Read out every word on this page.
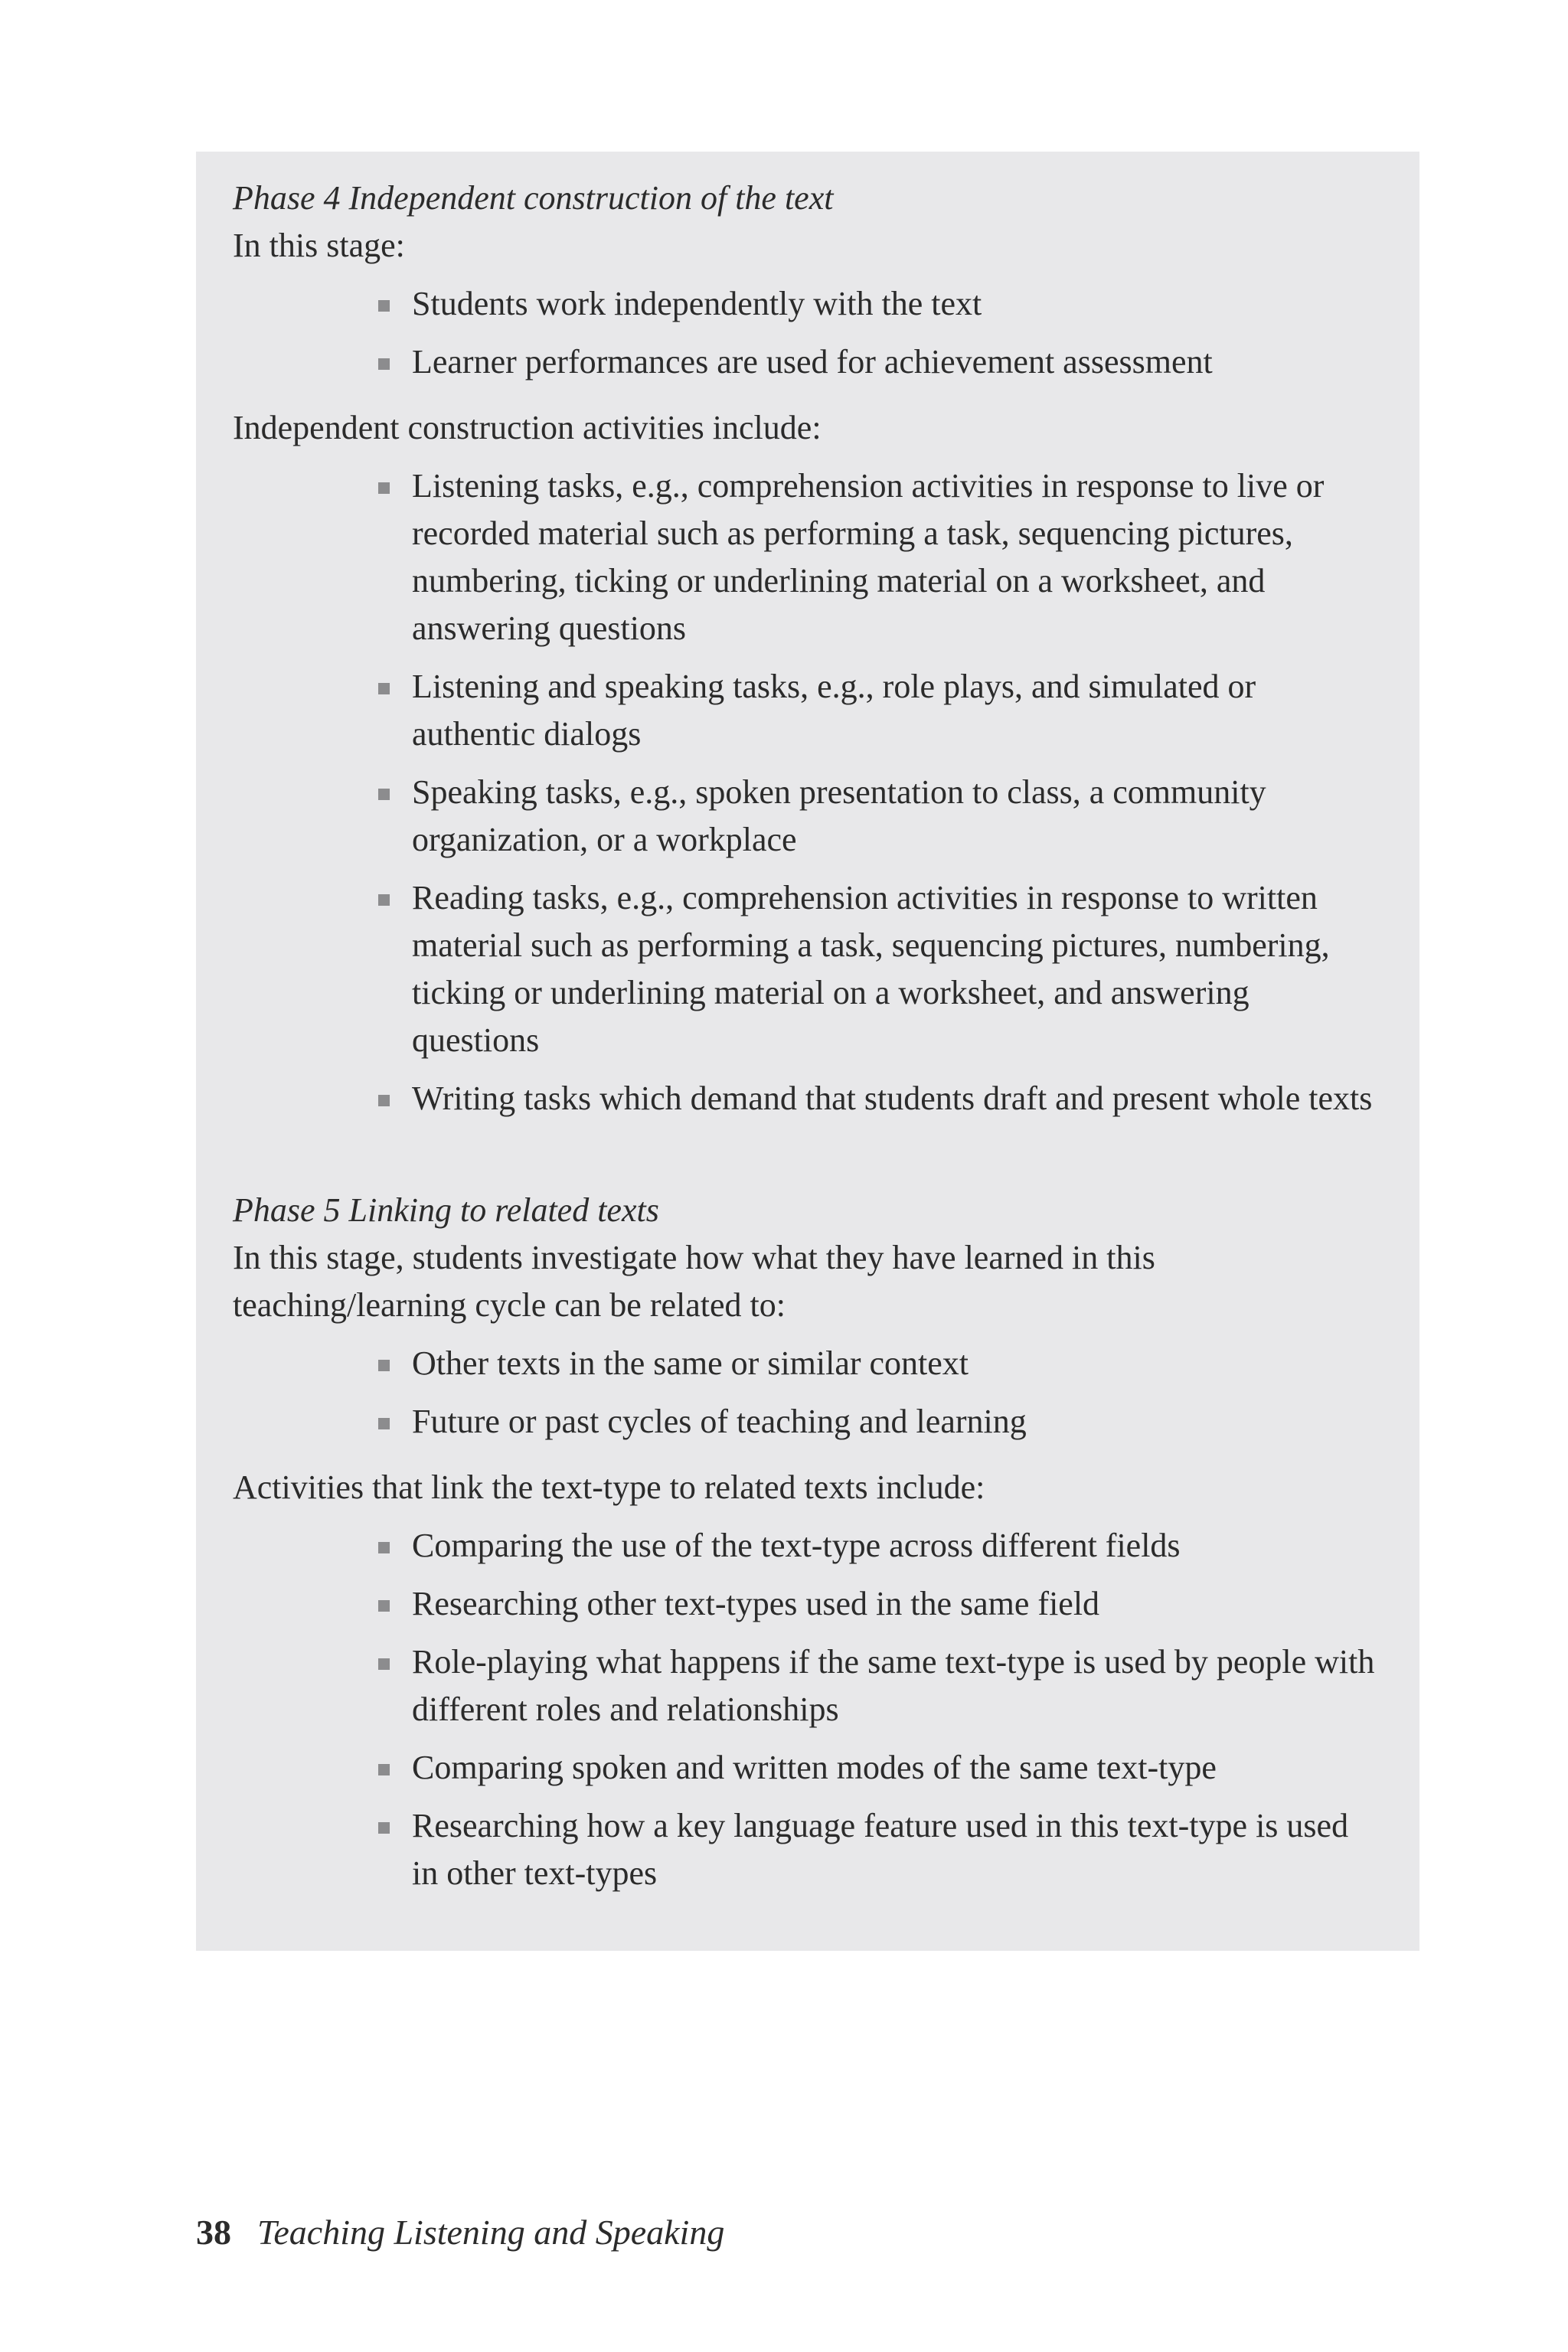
Phase 4 Independent construction of the text

In this stage:

Students work independently with the text
Learner performances are used for achievement assessment

Independent construction activities include:

Listening tasks, e.g., comprehension activities in response to live or recorded material such as performing a task, sequencing pictures, numbering, ticking or underlining material on a worksheet, and answering questions
Listening and speaking tasks, e.g., role plays, and simulated or authentic dialogs
Speaking tasks, e.g., spoken presentation to class, a community organization, or a workplace
Reading tasks, e.g., comprehension activities in response to written material such as performing a task, sequencing pictures, numbering, ticking or underlining material on a worksheet, and answering questions
Writing tasks which demand that students draft and present whole texts

Phase 5 Linking to related texts

In this stage, students investigate how what they have learned in this teaching/learning cycle can be related to:

Other texts in the same or similar context
Future or past cycles of teaching and learning

Activities that link the text-type to related texts include:

Comparing the use of the text-type across different fields
Researching other text-types used in the same field
Role-playing what happens if the same text-type is used by people with different roles and relationships
Comparing spoken and written modes of the same text-type
Researching how a key language feature used in this text-type is used in other text-types
38 Teaching Listening and Speaking
